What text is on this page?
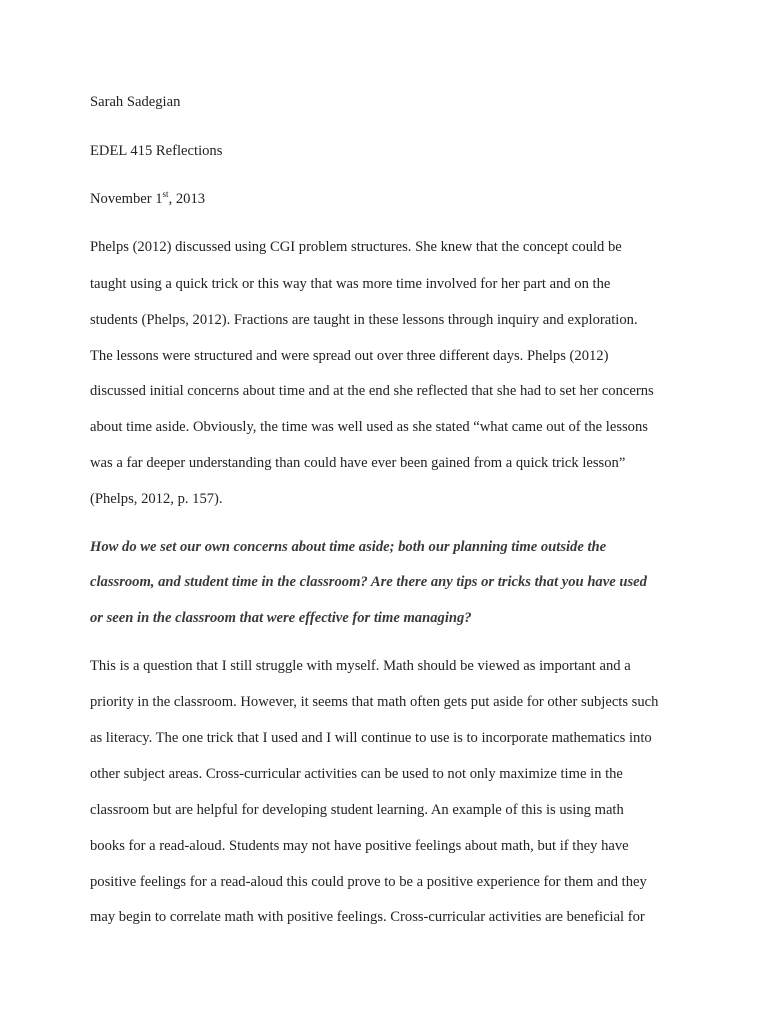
Sarah Sadegian
EDEL 415 Reflections
November 1st, 2013
Phelps (2012) discussed using CGI problem structures. She knew that the concept could be
taught using a quick trick or this way that was more time involved for her part and on the
students (Phelps, 2012). Fractions are taught in these lessons through inquiry and exploration.
The lessons were structured and were spread out over three different days. Phelps (2012)
discussed initial concerns about time and at the end she reflected that she had to set her concerns
about time aside. Obviously, the time was well used as she stated “what came out of the lessons
was a far deeper understanding than could have ever been gained from a quick trick lesson”
(Phelps, 2012, p. 157).
How do we set our own concerns about time aside; both our planning time outside the
classroom, and student time in the classroom? Are there any tips or tricks that you have used
or seen in the classroom that were effective for time managing?
This is a question that I still struggle with myself. Math should be viewed as important and a
priority in the classroom. However, it seems that math often gets put aside for other subjects such
as literacy. The one trick that I used and I will continue to use is to incorporate mathematics into
other subject areas. Cross-curricular activities can be used to not only maximize time in the
classroom but are helpful for developing student learning. An example of this is using math
books for a read-aloud. Students may not have positive feelings about math, but if they have
positive feelings for a read-aloud this could prove to be a positive experience for them and they
may begin to correlate math with positive feelings. Cross-curricular activities are beneficial for
